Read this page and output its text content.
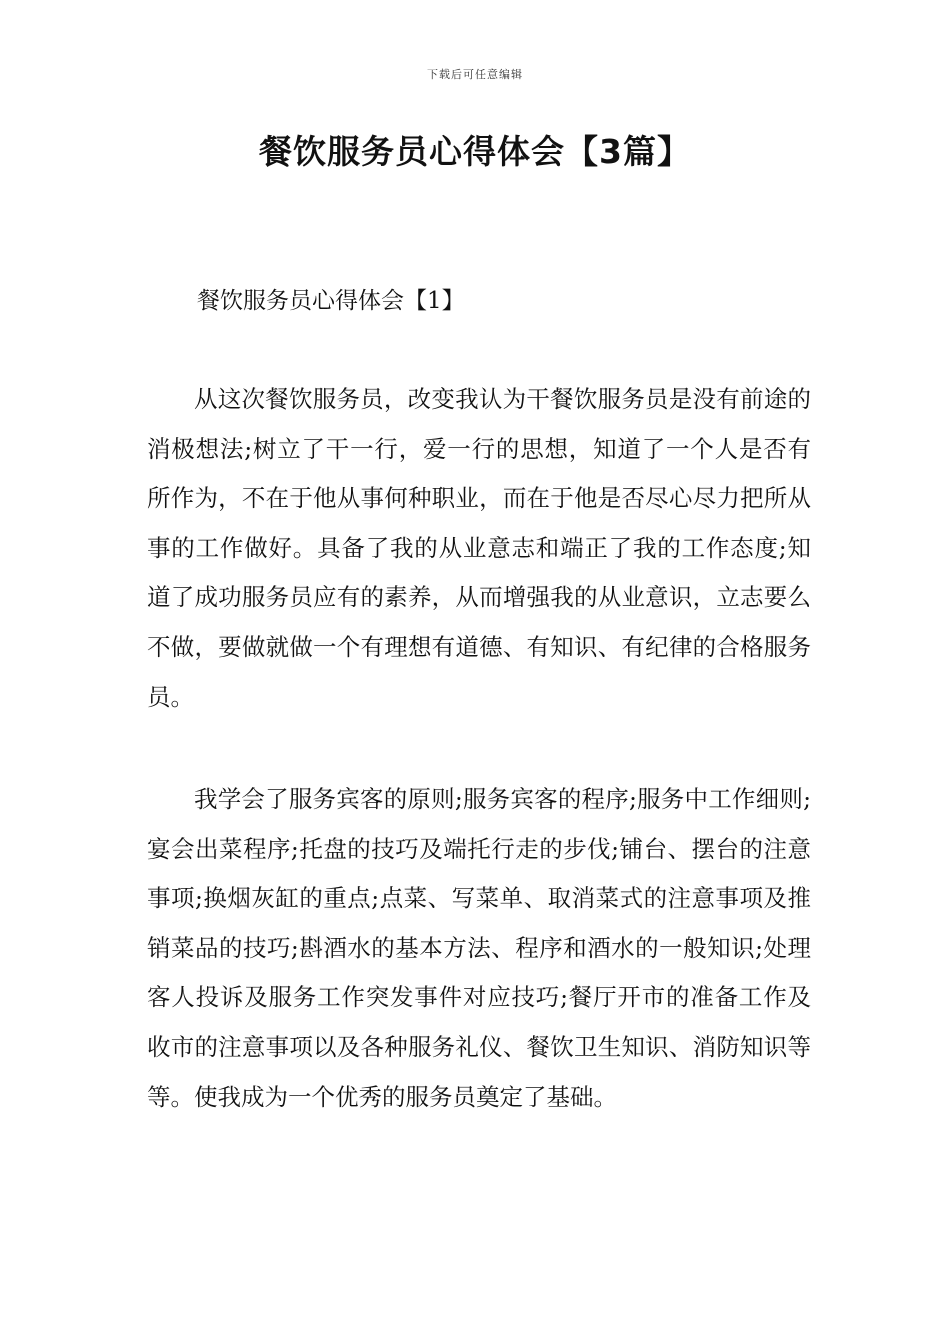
下载后可任意编辑
餐饮服务员心得体会【3篇】
餐饮服务员心得体会【1】

从这次餐饮服务员，改变我认为干餐饮服务员是没有前途的消极想法;树立了干一行，爱一行的思想，知道了一个人是否有所作为，不在于他从事何种职业，而在于他是否尽心尽力把所从事的工作做好。具备了我的从业意志和端正了我的工作态度;知道了成功服务员应有的素养，从而增强我的从业意识，立志要么不做，要做就做一个有理想有道德、有知识、有纪律的合格服务员。

我学会了服务宾客的原则;服务宾客的程序;服务中工作细则;宴会出菜程序;托盘的技巧及端托行走的步伐;铺台、摆台的注意事项;换烟灰缸的重点;点菜、写菜单、取消菜式的注意事项及推销菜品的技巧;斟酒水的基本方法、程序和酒水的一般知识;处理客人投诉及服务工作突发事件对应技巧;餐厅开市的准备工作及收市的注意事项以及各种服务礼仪、餐饮卫生知识、消防知识等等。使我成为一个优秀的服务员奠定了基础。
